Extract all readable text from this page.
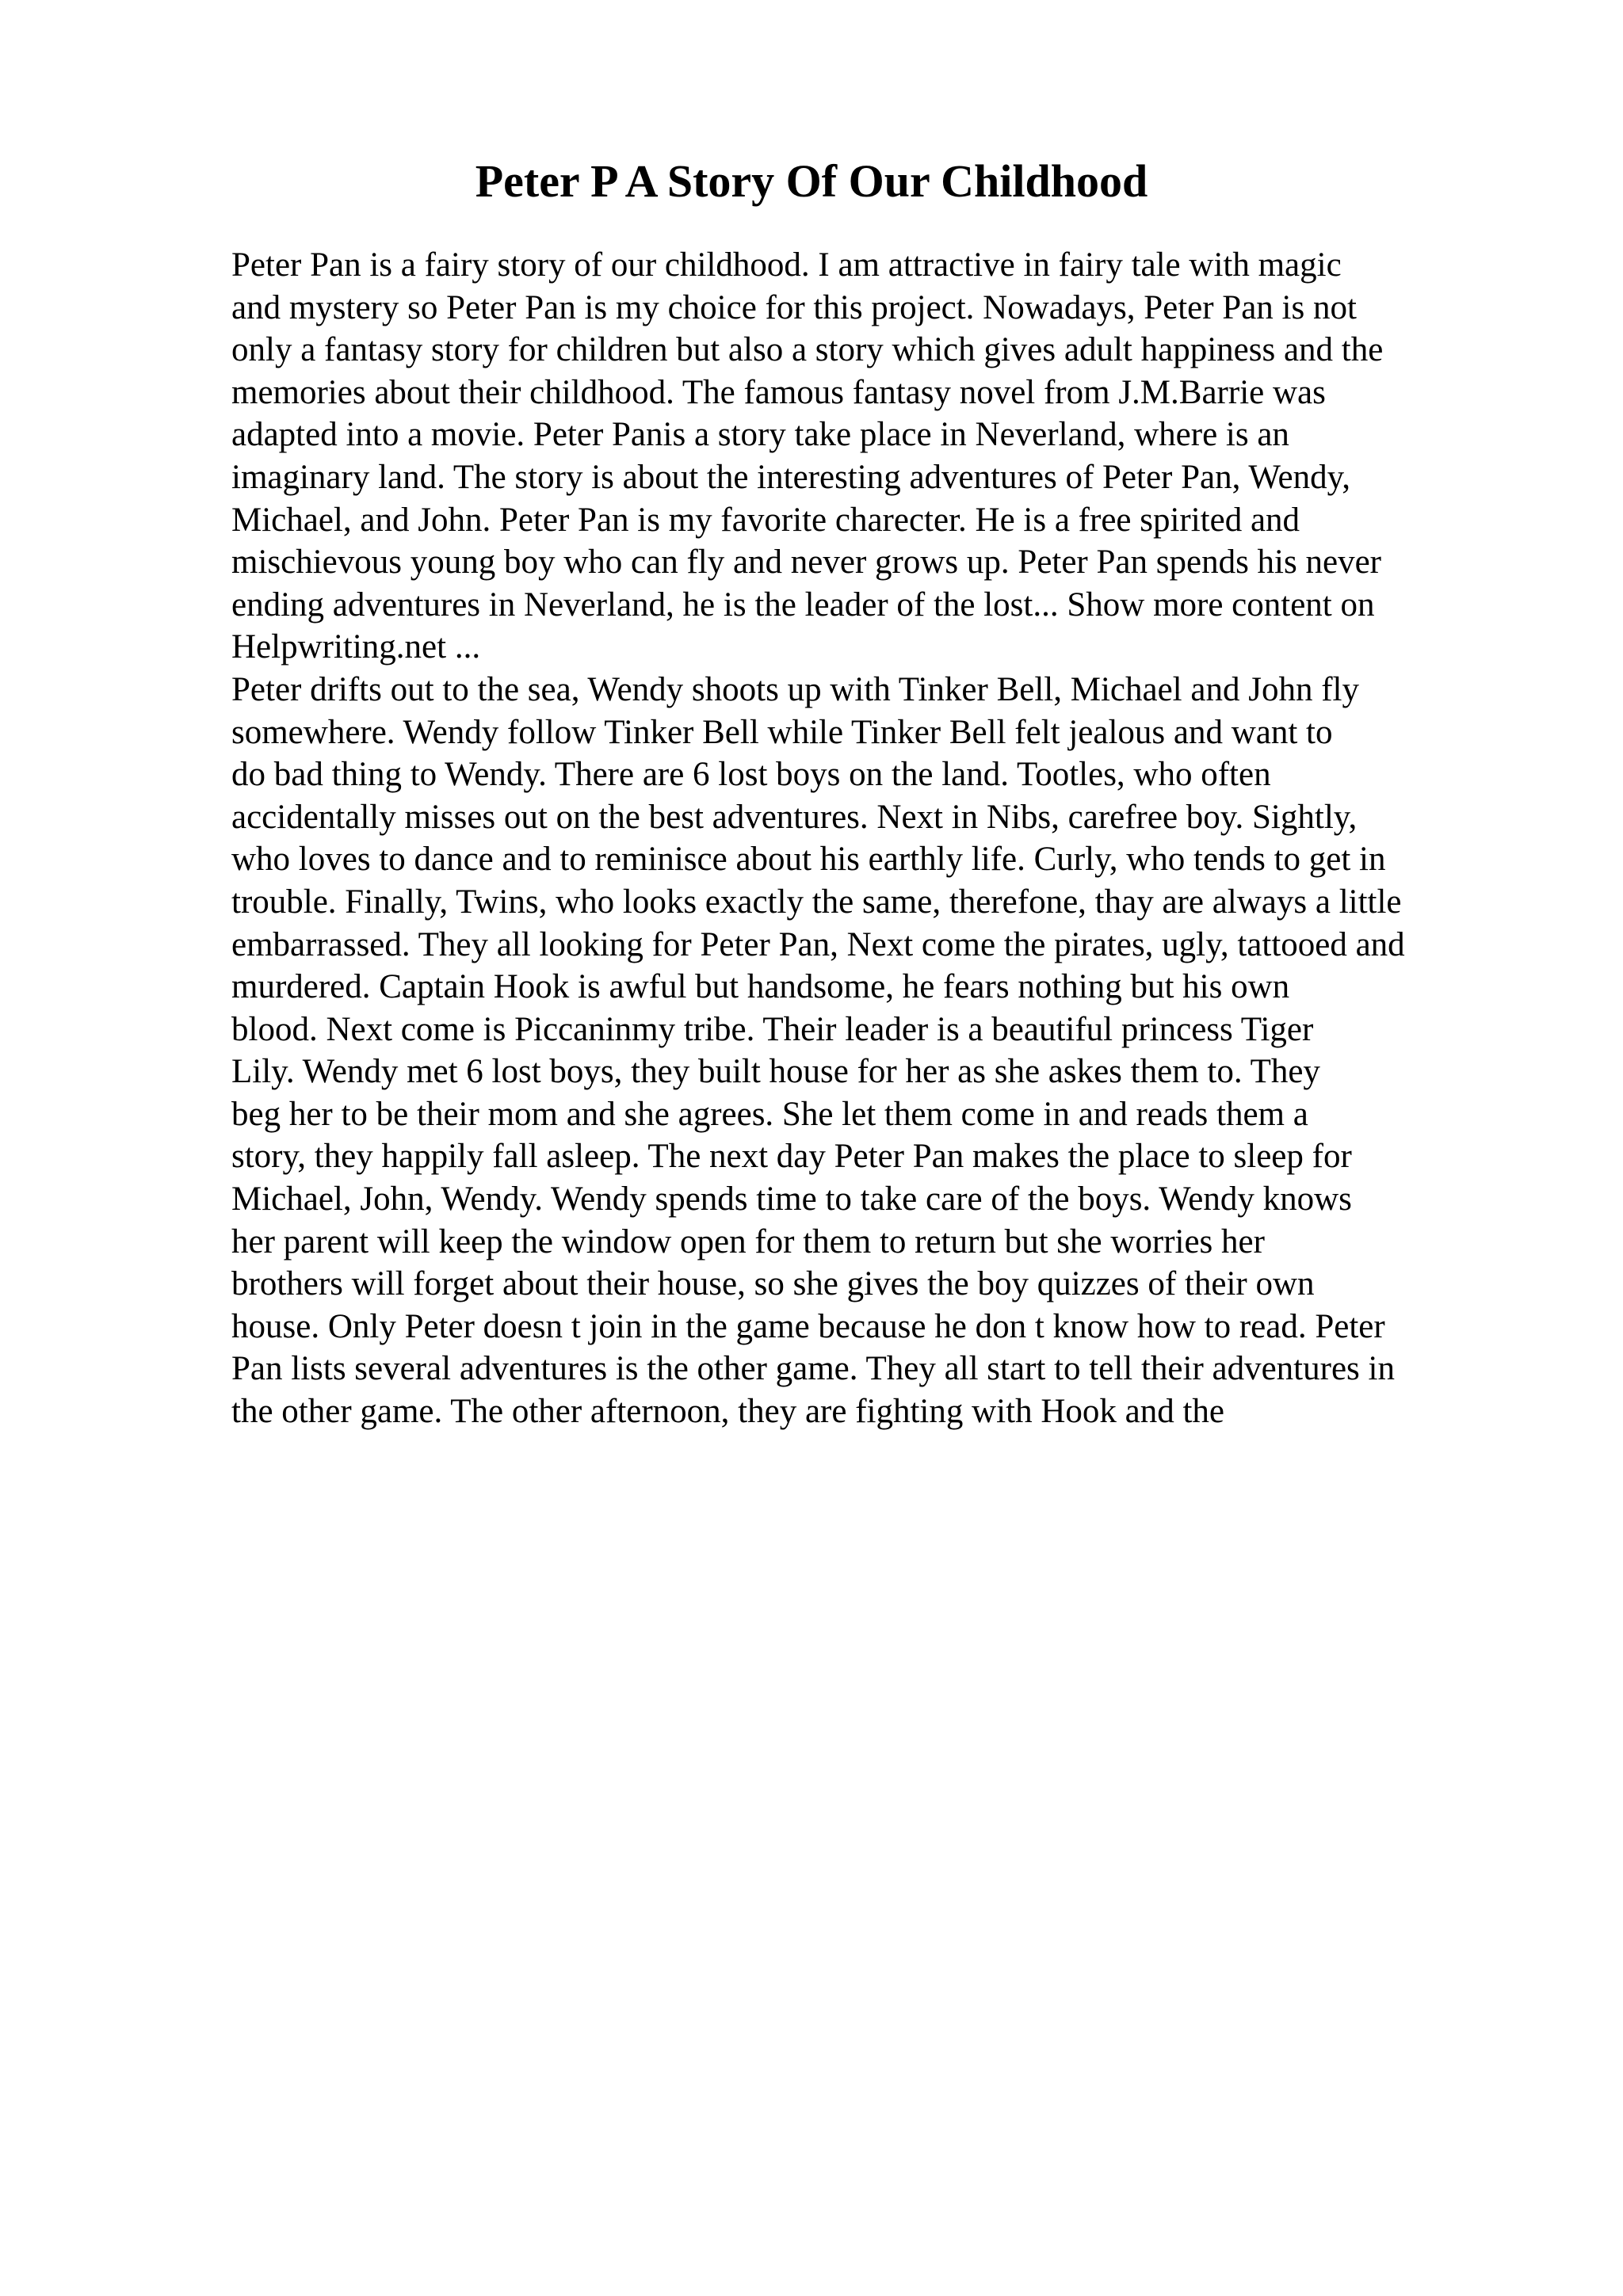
Peter P A Story Of Our Childhood
Peter Pan is a fairy story of our childhood. I am attractive in fairy tale with magic
and mystery so Peter Pan is my choice for this project. Nowadays, Peter Pan is not
only a fantasy story for children but also a story which gives adult happiness and the
memories about their childhood. The famous fantasy novel from J.M.Barrie was
adapted into a movie. Peter Panis a story take place in Neverland, where is an
imaginary land. The story is about the interesting adventures of Peter Pan, Wendy,
Michael, and John. Peter Pan is my favorite charecter. He is a free spirited and
mischievous young boy who can fly and never grows up. Peter Pan spends his never
ending adventures in Neverland, he is the leader of the lost... Show more content on
Helpwriting.net ...
Peter drifts out to the sea, Wendy shoots up with Tinker Bell, Michael and John fly
somewhere. Wendy follow Tinker Bell while Tinker Bell felt jealous and want to
do bad thing to Wendy. There are 6 lost boys on the land. Tootles, who often
accidentally misses out on the best adventures. Next in Nibs, carefree boy. Sightly,
who loves to dance and to reminisce about his earthly life. Curly, who tends to get in
trouble. Finally, Twins, who looks exactly the same, therefone, thay are always a little
embarrassed. They all looking for Peter Pan, Next come the pirates, ugly, tattooed and
murdered. Captain Hook is awful but handsome, he fears nothing but his own
blood. Next come is Piccaninmy tribe. Their leader is a beautiful princess Tiger
Lily. Wendy met 6 lost boys, they built house for her as she askes them to. They
beg her to be their mom and she agrees. She let them come in and reads them a
story, they happily fall asleep. The next day Peter Pan makes the place to sleep for
Michael, John, Wendy. Wendy spends time to take care of the boys. Wendy knows
her parent will keep the window open for them to return but she worries her
brothers will forget about their house, so she gives the boy quizzes of their own
house. Only Peter doesn t join in the game because he don t know how to read. Peter
Pan lists several adventures is the other game. They all start to tell their adventures in
the other game. The other afternoon, they are fighting with Hook and the
